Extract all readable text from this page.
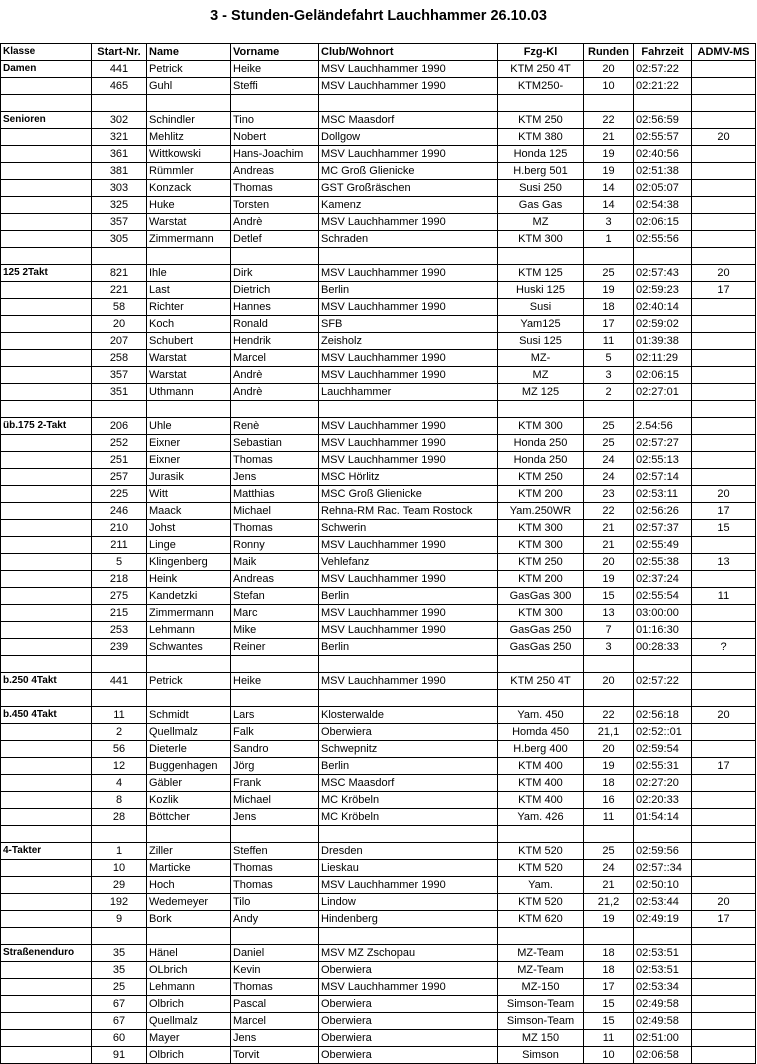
3 - Stunden-Geländefahrt Lauchhammer 26.10.03
Klasse	Start-Nr.	Name	Vorname	Club/Wohnort	Fzg-Kl	Runden	Fahrzeit	ADMV-MS
Damen	441	Petrick	Heike	MSV Lauchhammer 1990	KTM 250 4T	20	02:57:22	
	465	Guhl	Steffi	MSV Lauchhammer 1990	KTM250-	10	02:21:22	

Senioren	302	Schindler	Tino	MSC Maasdorf	KTM 250	22	02:56:59	
	321	Mehlitz	Nobert	Dollgow	KTM 380	21	02:55:57	20
	361	Wittkowski	Hans-Joachim	MSV Lauchhammer 1990	Honda 125	19	02:40:56	
	381	Rümmler	Andreas	MC Groß Glienicke	H.berg 501	19	02:51:38	
	303	Konzack	Thomas	GST Großräschen	Susi 250	14	02:05:07	
	325	Huke	Torsten	Kamenz	Gas Gas	14	02:54:38	
	357	Warstat	Andrè	MSV Lauchhammer 1990	MZ	3	02:06:15	
	305	Zimmermann	Detlef	Schraden	KTM 300	1	02:55:56	

125 2Takt	821	Ihle	Dirk	MSV Lauchhammer 1990	KTM 125	25	02:57:43	20
	221	Last	Dietrich	Berlin	Huski 125	19	02:59:23	17
	58	Richter	Hannes	MSV Lauchhammer 1990	Susi	18	02:40:14	
	20	Koch	Ronald	SFB	Yam125	17	02:59:02	
	207	Schubert	Hendrik	Zeisholz	Susi 125	11	01:39:38	
	258	Warstat	Marcel	MSV Lauchhammer 1990	MZ-	5	02:11:29	
	357	Warstat	Andrè	MSV Lauchhammer 1990	MZ	3	02:06:15	
	351	Uthmann	Andrè	Lauchhammer	MZ 125	2	02:27:01	

üb.175 2-Takt	206	Uhle	Renè	MSV Lauchhammer 1990	KTM 300	25	2.54:56	
	252	Eixner	Sebastian	MSV Lauchhammer 1990	Honda 250	25	02:57:27	
	251	Eixner	Thomas	MSV Lauchhammer 1990	Honda 250	24	02:55:13	
	257	Jurasik	Jens	MSC Hörlitz	KTM 250	24	02:57:14	
	225	Witt	Matthias	MSC Groß Glienicke	KTM 200	23	02:53:11	20
	246	Maack	Michael	Rehna-RM Rac. Team Rostock	Yam.250WR	22	02:56:26	17
	210	Johst	Thomas	Schwerin	KTM 300	21	02:57:37	15
	211	Linge	Ronny	MSV Lauchhammer 1990	KTM 300	21	02:55:49	
	5	Klingenberg	Maik	Vehlefanz	KTM 250	20	02:55:38	13
	218	Heink	Andreas	MSV Lauchhammer 1990	KTM 200	19	02:37:24	
	275	Kandetzki	Stefan	Berlin	GasGas 300	15	02:55:54	11
	215	Zimmermann	Marc	MSV Lauchhammer 1990	KTM 300	13	03:00:00	
	253	Lehmann	Mike	MSV Lauchhammer 1990	GasGas 250	7	01:16:30	
	239	Schwantes	Reiner	Berlin	GasGas 250	3	00:28:33	?

b.250 4Takt	441	Petrick	Heike	MSV Lauchhammer 1990	KTM 250 4T	20	02:57:22	

b.450 4Takt	11	Schmidt	Lars	Klosterwalde	Yam. 450	22	02:56:18	20
	2	Quellmalz	Falk	Oberwiera	Homda 450	21,1	02:52::01	
	56	Dieterle	Sandro	Schwepnitz	H.berg 400	20	02:59:54	
	12	Buggenhagen	Jörg	Berlin	KTM 400	19	02:55:31	17
	4	Gäbler	Frank	MSC Maasdorf	KTM 400	18	02:27:20	
	8	Kozlik	Michael	MC Kröbeln	KTM 400	16	02:20:33	
	28	Böttcher	Jens	MC Kröbeln	Yam. 426	11	01:54:14	

4-Takter	1	Ziller	Steffen	Dresden	KTM 520	25	02:59:56	
	10	Marticke	Thomas	Lieskau	KTM 520	24	02:57::34	
	29	Hoch	Thomas	MSV Lauchhammer 1990	Yam.	21	02:50:10	
	192	Wedemeyer	Tilo	Lindow	KTM 520	21,2	02:53:44	20
	9	Bork	Andy	Hindenberg	KTM 620	19	02:49:19	17

Straßenenduro	35	Hänel	Daniel	MSV MZ Zschopau	MZ-Team	18	02:53:51	
	35	OLbrich	Kevin	Oberwiera	MZ-Team	18	02:53:51	
	25	Lehmann	Thomas	MSV Lauchhammer 1990	MZ-150	17	02:53:34	
	67	Olbrich	Pascal	Oberwiera	Simson-Team	15	02:49:58	
	67	Quellmalz	Marcel	Oberwiera	Simson-Team	15	02:49:58	
	60	Mayer	Jens	Oberwiera	MZ 150	11	02:51:00	
	91	Olbrich	Torvit	Oberwiera	Simson	10	02:06:58	
